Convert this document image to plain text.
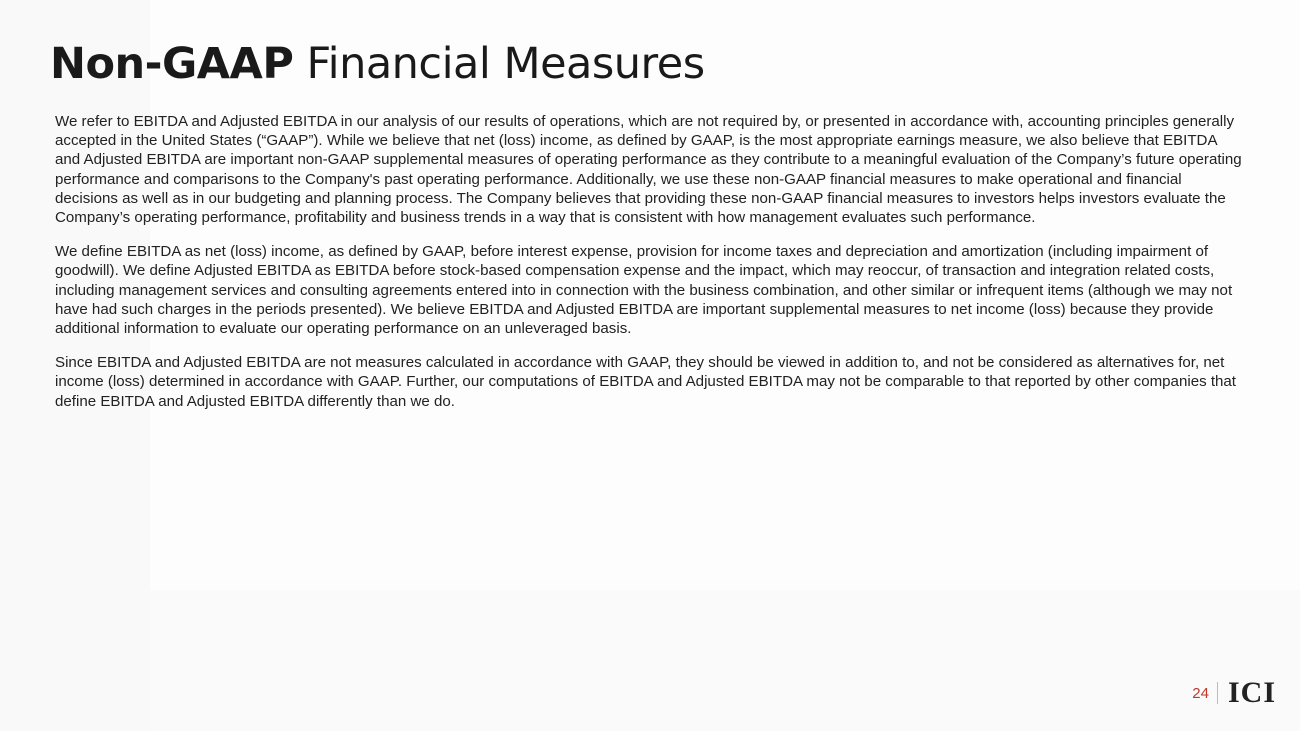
Non-GAAP Financial Measures

We refer to EBITDA and Adjusted EBITDA in our analysis of our results of operations, which are not required by, or presented in accordance with, accounting principles generally accepted in the United States (“GAAP”). While we believe that net (loss) income, as defined by GAAP, is the most appropriate earnings measure, we also believe that EBITDA and Adjusted EBITDA are important non-GAAP supplemental measures of operating performance as they contribute to a meaningful evaluation of the Company’s future operating performance and comparisons to the Company's past operating performance. Additionally, we use these non-GAAP financial measures to make operational and financial decisions as well as in our budgeting and planning process. The Company believes that providing these non-GAAP financial measures to investors helps investors evaluate the Company’s operating performance, profitability and business trends in a way that is consistent with how management evaluates such performance.

We define EBITDA as net (loss) income, as defined by GAAP, before interest expense, provision for income taxes and depreciation and amortization (including impairment of goodwill). We define Adjusted EBITDA as EBITDA before stock-based compensation expense and the impact, which may reoccur, of transaction and integration related costs, including management services and consulting agreements entered into in connection with the business combination, and other similar or infrequent items (although we may not have had such charges in the periods presented). We believe EBITDA and Adjusted EBITDA are important supplemental measures to net income (loss) because they provide additional information to evaluate our operating performance on an unleveraged basis.

Since EBITDA and Adjusted EBITDA are not measures calculated in accordance with GAAP, they should be viewed in addition to, and not be considered as alternatives for, net income (loss) determined in accordance with GAAP. Further, our computations of EBITDA and Adjusted EBITDA may not be comparable to that reported by other companies that define EBITDA and Adjusted EBITDA differently than we do.

24 ICI
